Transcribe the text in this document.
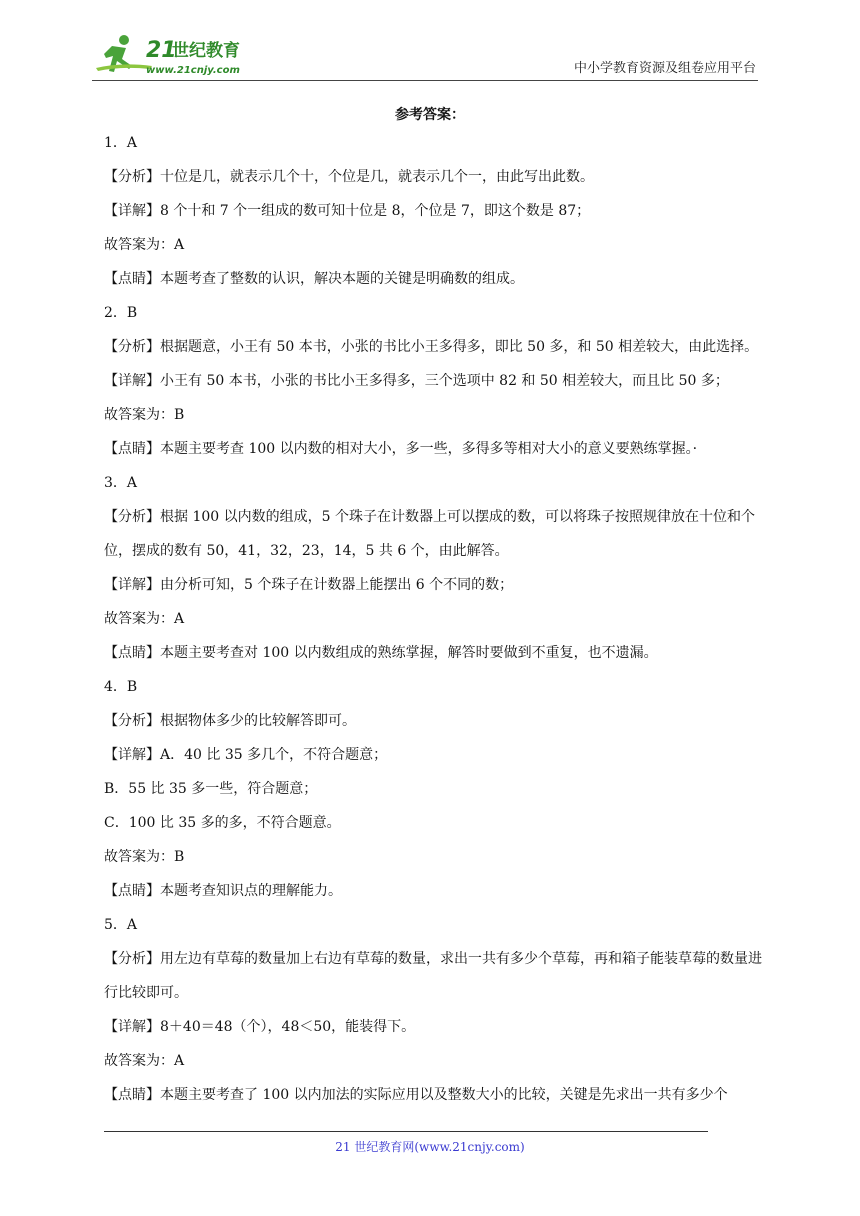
21
世纪教育
www.21cnjy.com	中小学教育资源及组卷应用平台
参考答案：

1．A

【分析】十位是几，就表示几个十，个位是几，就表示几个一，由此写出此数。

【详解】8 个十和 7 个一组成的数可知十位是 8，个位是 7，即这个数是 87；

故答案为：A

【点睛】本题考查了整数的认识，解决本题的关键是明确数的组成。

2．B

【分析】根据题意，小王有 50 本书，小张的书比小王多得多，即比 50 多，和 50 相差较大，由此选择。

【详解】小王有 50 本书，小张的书比小王多得多，三个选项中 82 和 50 相差较大，而且比 50 多；

故答案为：B

【点睛】本题主要考查 100 以内数的相对大小，多一些，多得多等相对大小的意义要熟练掌握。·

3．A

【分析】根据 100 以内数的组成，5 个珠子在计数器上可以摆成的数，可以将珠子按照规律放在十位和个位，摆成的数有 50，41，32，23，14，5 共 6 个，由此解答。

【详解】由分析可知，5 个珠子在计数器上能摆出 6 个不同的数；

故答案为：A

【点睛】本题主要考查对 100 以内数组成的熟练掌握，解答时要做到不重复，也不遗漏。

4．B

【分析】根据物体多少的比较解答即可。

【详解】A．40 比 35 多几个，不符合题意；

B．55 比 35 多一些，符合题意；

C．100 比 35 多的多，不符合题意。

故答案为：B

【点睛】本题考查知识点的理解能力。

5．A

【分析】用左边有草莓的数量加上右边有草莓的数量，求出一共有多少个草莓，再和箱子能装草莓的数量进行比较即可。

【详解】8＋40＝48（个），48＜50，能装得下。

故答案为：A

【点睛】本题主要考查了 100 以内加法的实际应用以及整数大小的比较，关键是先求出一共有多少个

21 世纪教育网(www.21cnjy.com)
